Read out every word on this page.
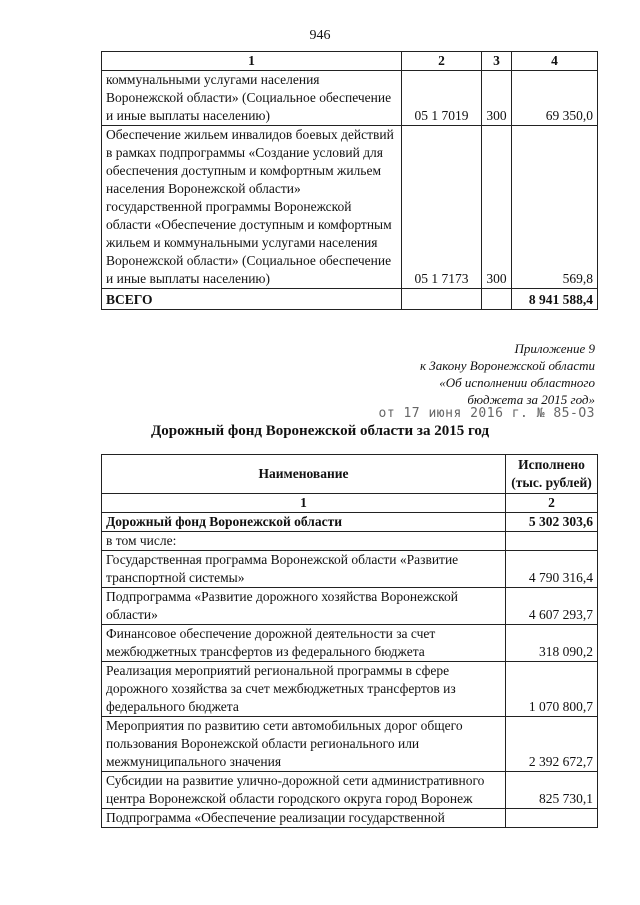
946
1	2	3	4
коммунальными услугами населения Воронежской области» (Социальное обеспечение и иные выплаты населению)	05 1 7019	300	69 350,0
Обеспечение жильем инвалидов боевых действий в рамках подпрограммы «Создание условий для обеспечения доступным и комфортным жильем населения Воронежской области» государственной программы Воронежской области «Обеспечение доступным и комфортным жильем и коммунальными услугами населения Воронежской области» (Социальное обеспечение и иные выплаты населению)	05 1 7173	300	569,8
ВСЕГО			8 941 588,4
Приложение 9
к Закону Воронежской области
«Об исполнении областного
бюджета за 2015 год»
от 17 июня 2016 г. № 85-ОЗ
Дорожный фонд Воронежской области за 2015 год
Наименование	Исполнено
(тыс. рублей)

1	2
Дорожный фонд Воронежской области	5 302 303,6
в том числе:	
Государственная программа Воронежской области «Развитие транспортной системы»	4 790 316,4
Подпрограмма «Развитие дорожного хозяйства Воронежской области»	4 607 293,7
Финансовое обеспечение дорожной деятельности за счет межбюджетных трансфертов из федерального бюджета	318 090,2
Реализация мероприятий региональной программы в сфере дорожного хозяйства за счет межбюджетных трансфертов из федерального бюджета	1 070 800,7
Мероприятия по развитию сети автомобильных дорог общего пользования Воронежской области регионального или межмуниципального значения	2 392 672,7
Субсидии на развитие улично-дорожной сети административного центра Воронежской области городского округа город Воронеж	825 730,1
Подпрограмма «Обеспечение реализации государственной	
